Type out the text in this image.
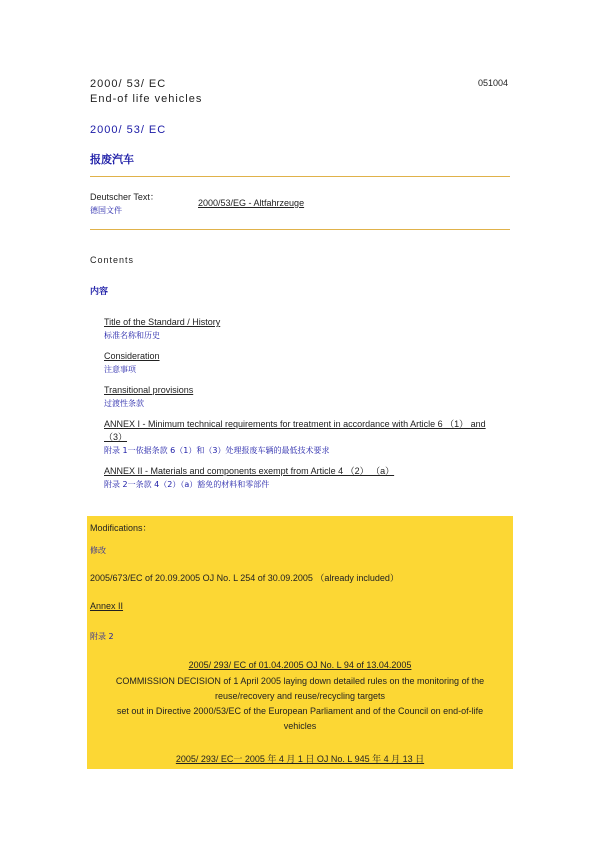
2000/ 53/ EC
End-of life vehicles
051004
2000/ 53/ EC
报废汽车
Deutscher Text：
德国文件
2000/53/EG - Altfahrzeuge
Contents
内容
Title of the Standard / History
标准名称和历史
Consideration
注意事项
Transitional provisions
过渡性条款
ANNEX I - Minimum technical requirements for treatment in accordance with Article 6 （1） and
（3）
附录 1一依据条款 6（1）和（3）处理报废车辆的最低技术要求
ANNEX II - Materials and components exempt from Article 4 （2） （a）
附录 2一条款 4（2）（a）豁免的材料和零部件
Modifications：
修改
2005/673/EC of 20.09.2005 OJ No. L 254 of 30.09.2005 （already included）
Annex II
附录 2
2005/ 293/ EC of 01.04.2005 OJ No. L 94 of 13.04.2005
COMMISSION DECISION of 1 April 2005 laying down detailed rules on the monitoring of the
reuse/recovery and reuse/recycling targets
set out in Directive 2000/53/EC of the European Parliament and of the Council on end-of-life
vehicles
2005/ 293/ EC一 2005 年 4 月 1 日 OJ No. L 945 年 4 月 13 日
